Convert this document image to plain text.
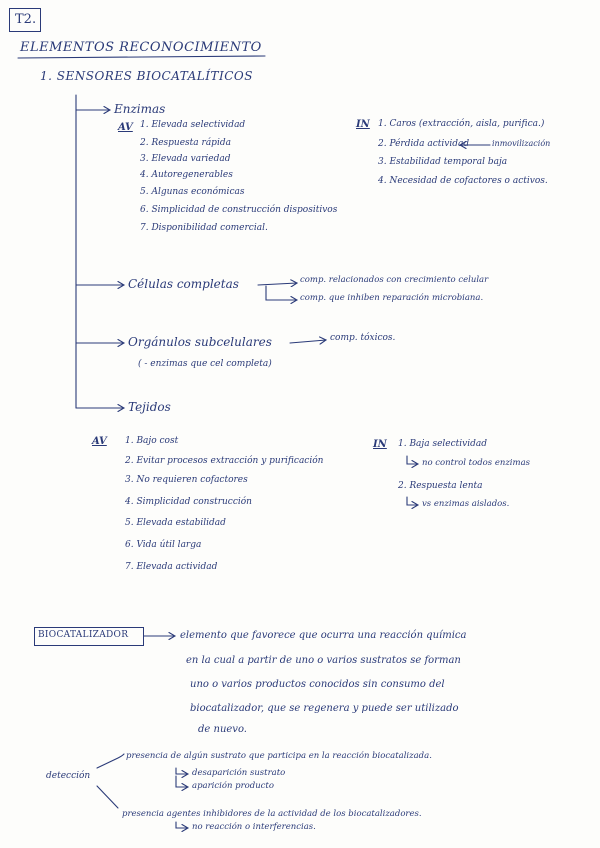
T2.
ELEMENTOS RECONOCIMIENTO
1. SENSORES BIOCATALÍTICOS
Enzimas
AV 1. Elevada selectividad
2. Respuesta rápida
3. Elevada variedad
4. Autoregenerables
5. Algunas económicas
6. Simplicidad de construcción dispositivos
7. Disponibilidad comercial.
IN 1. Caros (extracción, aisla, purifica.)
2. Pérdida actividad	inmovilización
3. Estabilidad temporal baja
4. Necesidad de cofactores o activos.
Células completas	comp. relacionados con crecimiento celular
comp. que inhiben reparación microbiana.
Orgánulos subcelulares	comp. tóxicos.
( - enzimas que cel completa)
Tejidos
AV 1. Bajo cost
2. Evitar procesos extracción y purificación
3. No requieren cofactores
4. Simplicidad construcción
5. Elevada estabilidad
6. Vida útil larga
7. Elevada actividad
IN 1. Baja selectividad
no control todos enzimas
2. Respuesta lenta
vs enzimas aislados.
BIOCATALIZADOR	elemento que favorece que ocurra una reacción química
en la cual a partir de uno o varios sustratos se forman
uno o varios productos conocidos sin consumo del
biocatalizador, que se regenera y puede ser utilizado
de nuevo.
detección
presencia de algún sustrato que participa en la reacción biocatalizada.
desaparición sustrato
aparición producto
presencia agentes inhibidores de la actividad de los biocatalizadores.
no reacción o interferencias.
